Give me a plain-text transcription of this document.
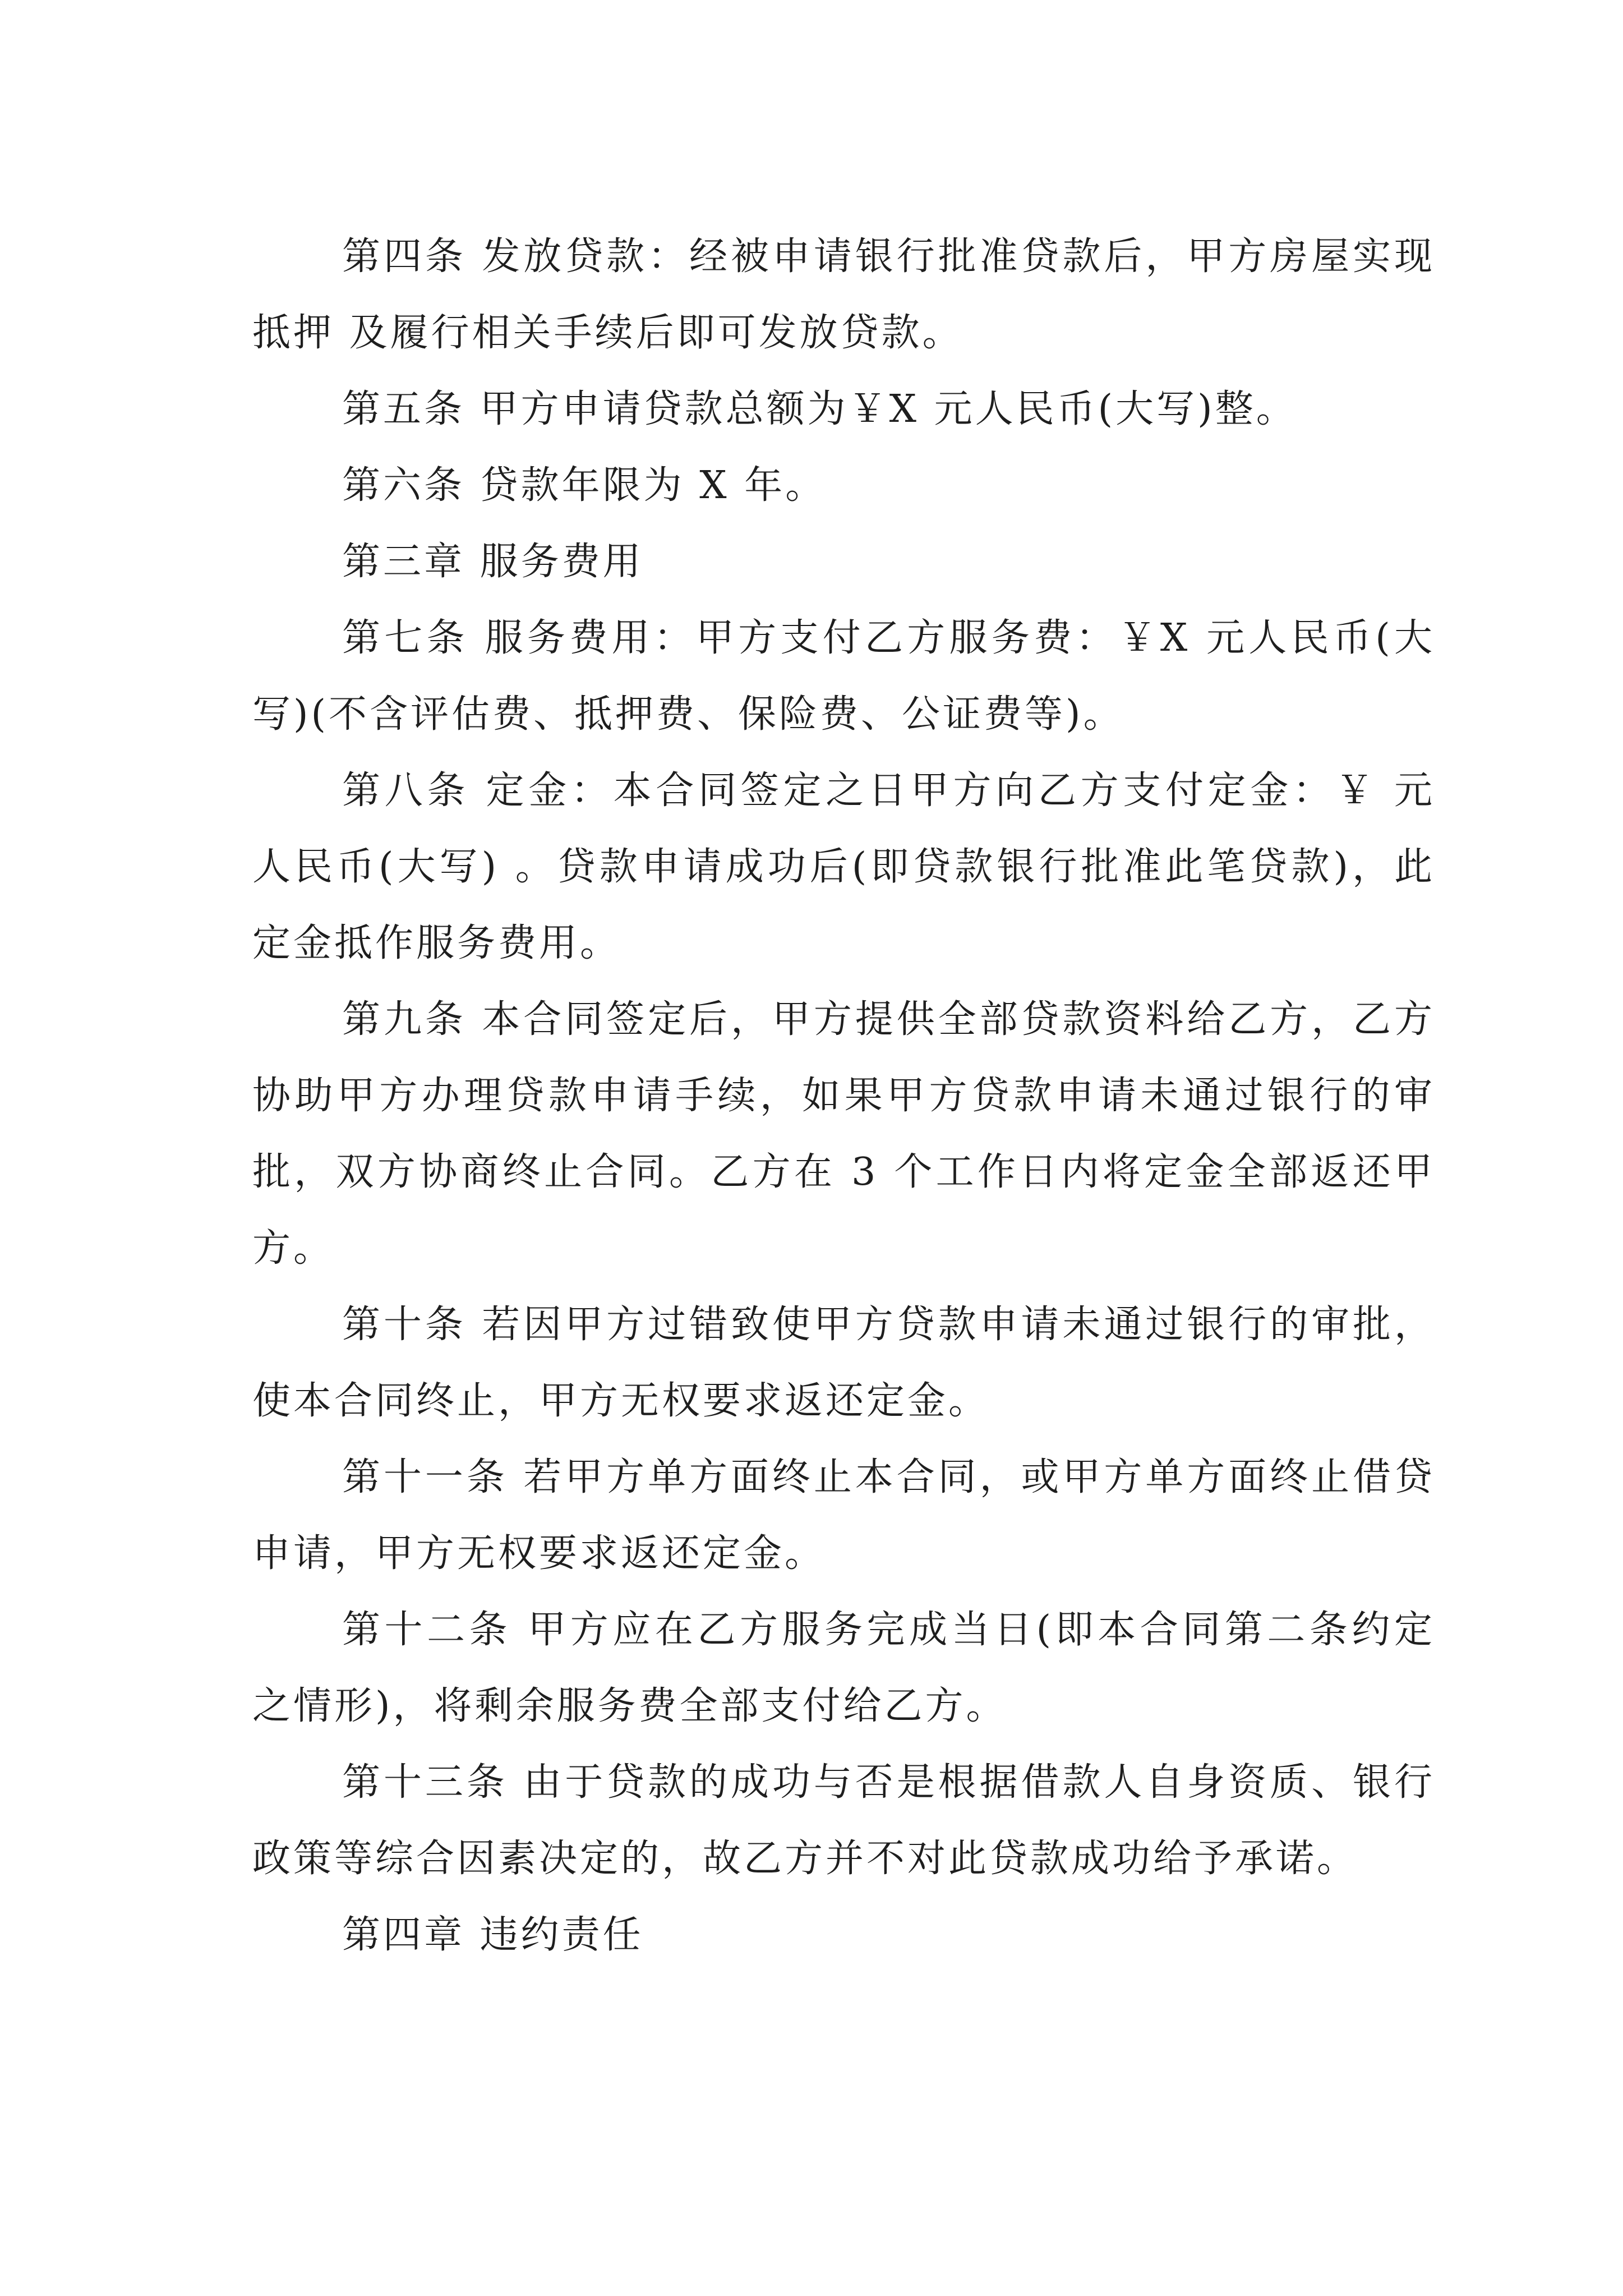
第四条 发放贷款：经被申请银行批准贷款后，甲方房屋实现抵押 及履行相关手续后即可发放贷款。

第五条 甲方申请贷款总额为￥X 元人民币(大写)整。

第六条 贷款年限为 X 年。

第三章 服务费用

第七条 服务费用：甲方支付乙方服务费：￥X 元人民币(大写)(不含评估费、抵押费、保险费、公证费等)。

第八条 定金：本合同签定之日甲方向乙方支付定金：￥ 元人民币(大写) 。贷款申请成功后(即贷款银行批准此笔贷款)，此定金抵作服务费用。

第九条 本合同签定后，甲方提供全部贷款资料给乙方，乙方协助甲方办理贷款申请手续，如果甲方贷款申请未通过银行的审批，双方协商终止合同。乙方在 3 个工作日内将定金全部返还甲方。

第十条 若因甲方过错致使甲方贷款申请未通过银行的审批，使本合同终止，甲方无权要求返还定金。

第十一条 若甲方单方面终止本合同，或甲方单方面终止借贷申请，甲方无权要求返还定金。

第十二条 甲方应在乙方服务完成当日(即本合同第二条约定之情形)，将剩余服务费全部支付给乙方。

第十三条 由于贷款的成功与否是根据借款人自身资质、银行政策等综合因素决定的，故乙方并不对此贷款成功给予承诺。

第四章 违约责任
